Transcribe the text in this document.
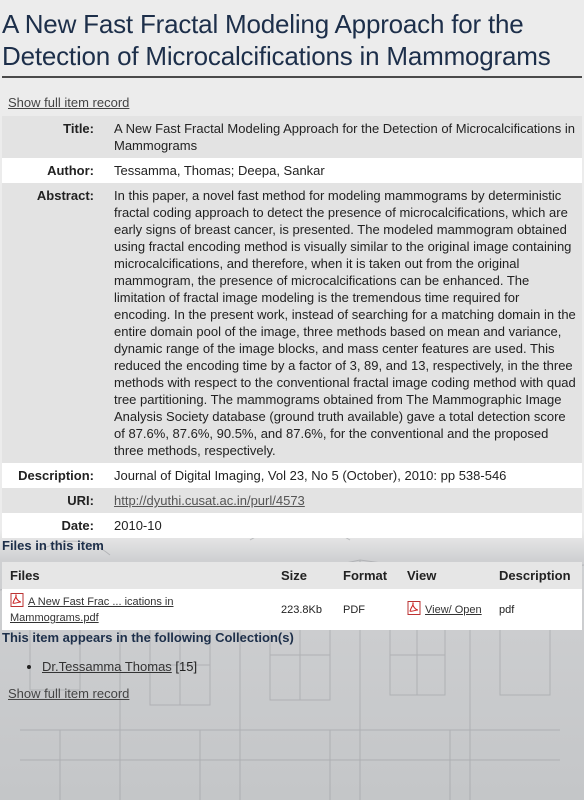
A New Fast Fractal Modeling Approach for the Detection of Microcalcifications in Mammograms
Show full item record
Title:	A New Fast Fractal Modeling Approach for the Detection of Microcalcifications in Mammograms
Author:	Tessamma, Thomas; Deepa, Sankar
Abstract:	In this paper, a novel fast method for modeling mammograms by deterministic fractal coding approach to detect the presence of microcalcifications, which are early signs of breast cancer, is presented. The modeled mammogram obtained using fractal encoding method is visually similar to the original image containing microcalcifications, and therefore, when it is taken out from the original mammogram, the presence of microcalcifications can be enhanced. The limitation of fractal image modeling is the tremendous time required for encoding. In the present work, instead of searching for a matching domain in the entire domain pool of the image, three methods based on mean and variance, dynamic range of the image blocks, and mass center features are used. This reduced the encoding time by a factor of 3, 89, and 13, respectively, in the three methods with respect to the conventional fractal image coding method with quad tree partitioning. The mammograms obtained from The Mammographic Image Analysis Society database (ground truth available) gave a total detection score of 87.6%, 87.6%, 90.5%, and 87.6%, for the conventional and the proposed three methods, respectively.
Description:	Journal of Digital Imaging, Vol 23, No 5 (October), 2010: pp 538-546
URI:	http://dyuthi.cusat.ac.in/purl/4573
Date:	2010-10
Files in this item
Files	Size	Format	View	Description
A New Fast Frac ... ications in Mammograms.pdf	223.8Kb	PDF	View/ Open	pdf
This item appears in the following Collection(s)
• Dr.Tessamma Thomas [15]
Show full item record
